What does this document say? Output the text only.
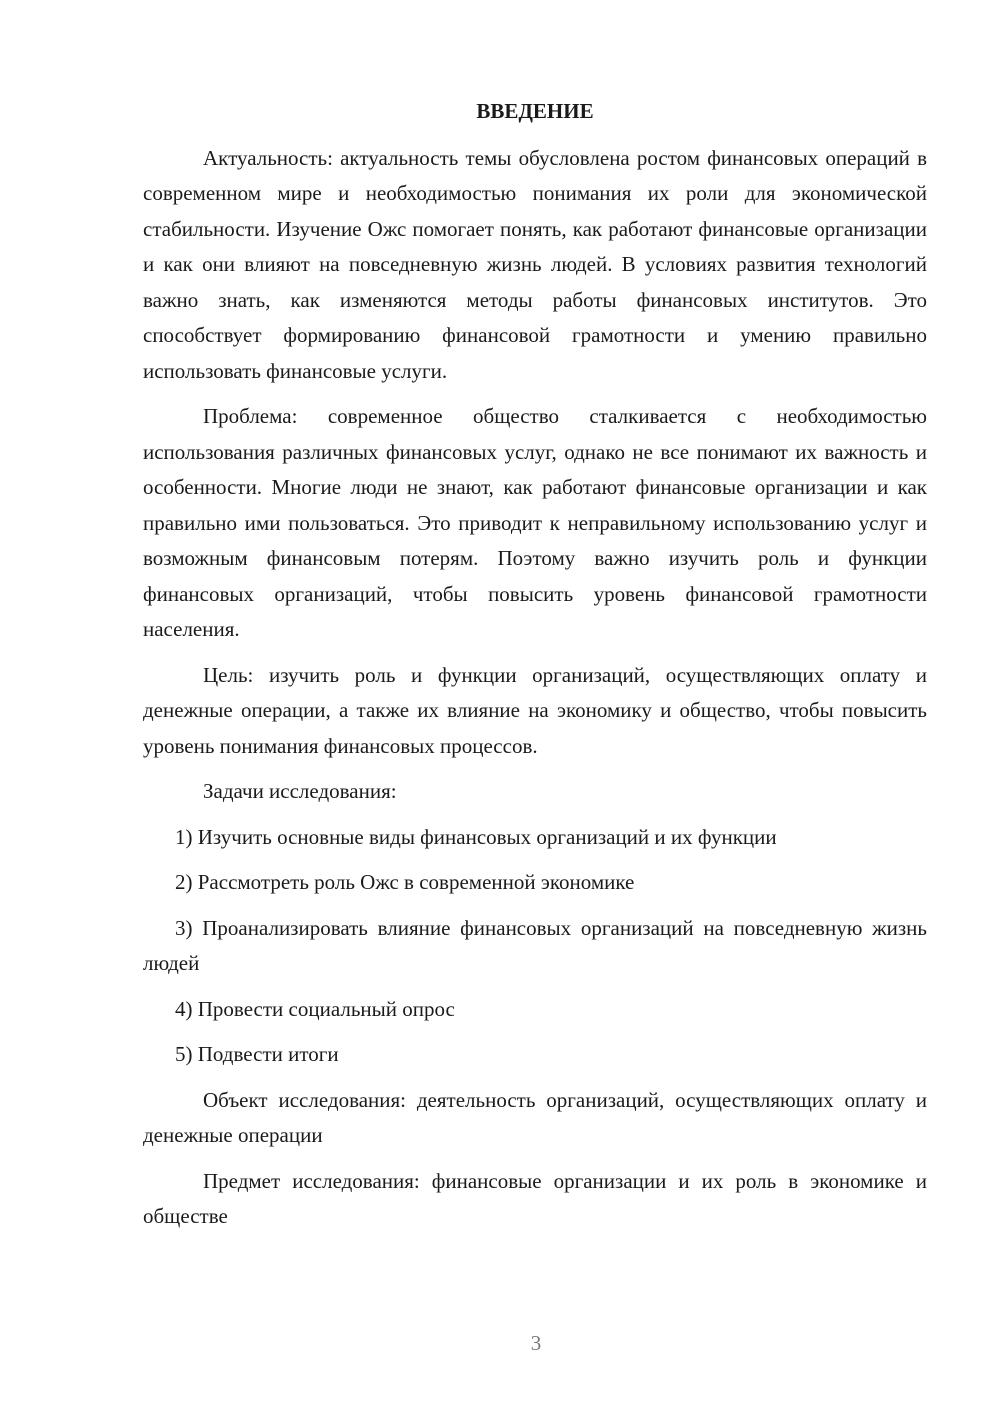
ВВЕДЕНИЕ

Актуальность: актуальность темы обусловлена ростом финансовых операций в современном мире и необходимостью понимания их роли для экономической стабильности. Изучение Ожс помогает понять, как работают финансовые организации и как они влияют на повседневную жизнь людей. В условиях развития технологий важно знать, как изменяются методы работы финансовых институтов. Это способствует формированию финансовой грамотности и умению правильно использовать финансовые услуги.

Проблема: современное общество сталкивается с необходимостью использования различных финансовых услуг, однако не все понимают их важность и особенности. Многие люди не знают, как работают финансовые организации и как правильно ими пользоваться. Это приводит к неправильному использованию услуг и возможным финансовым потерям. Поэтому важно изучить роль и функции финансовых организаций, чтобы повысить уровень финансовой грамотности населения.

Цель: изучить роль и функции организаций, осуществляющих оплату и денежные операции, а также их влияние на экономику и общество, чтобы повысить уровень понимания финансовых процессов.

Задачи исследования:

1) Изучить основные виды финансовых организаций и их функции

2) Рассмотреть роль Ожс в современной экономике

3) Проанализировать влияние финансовых организаций на повседневную жизнь людей

4) Провести социальный опрос

5) Подвести итоги

Объект исследования: деятельность организаций, осуществляющих оплату и денежные операции

Предмет исследования: финансовые организации и их роль в экономике и обществе

3
